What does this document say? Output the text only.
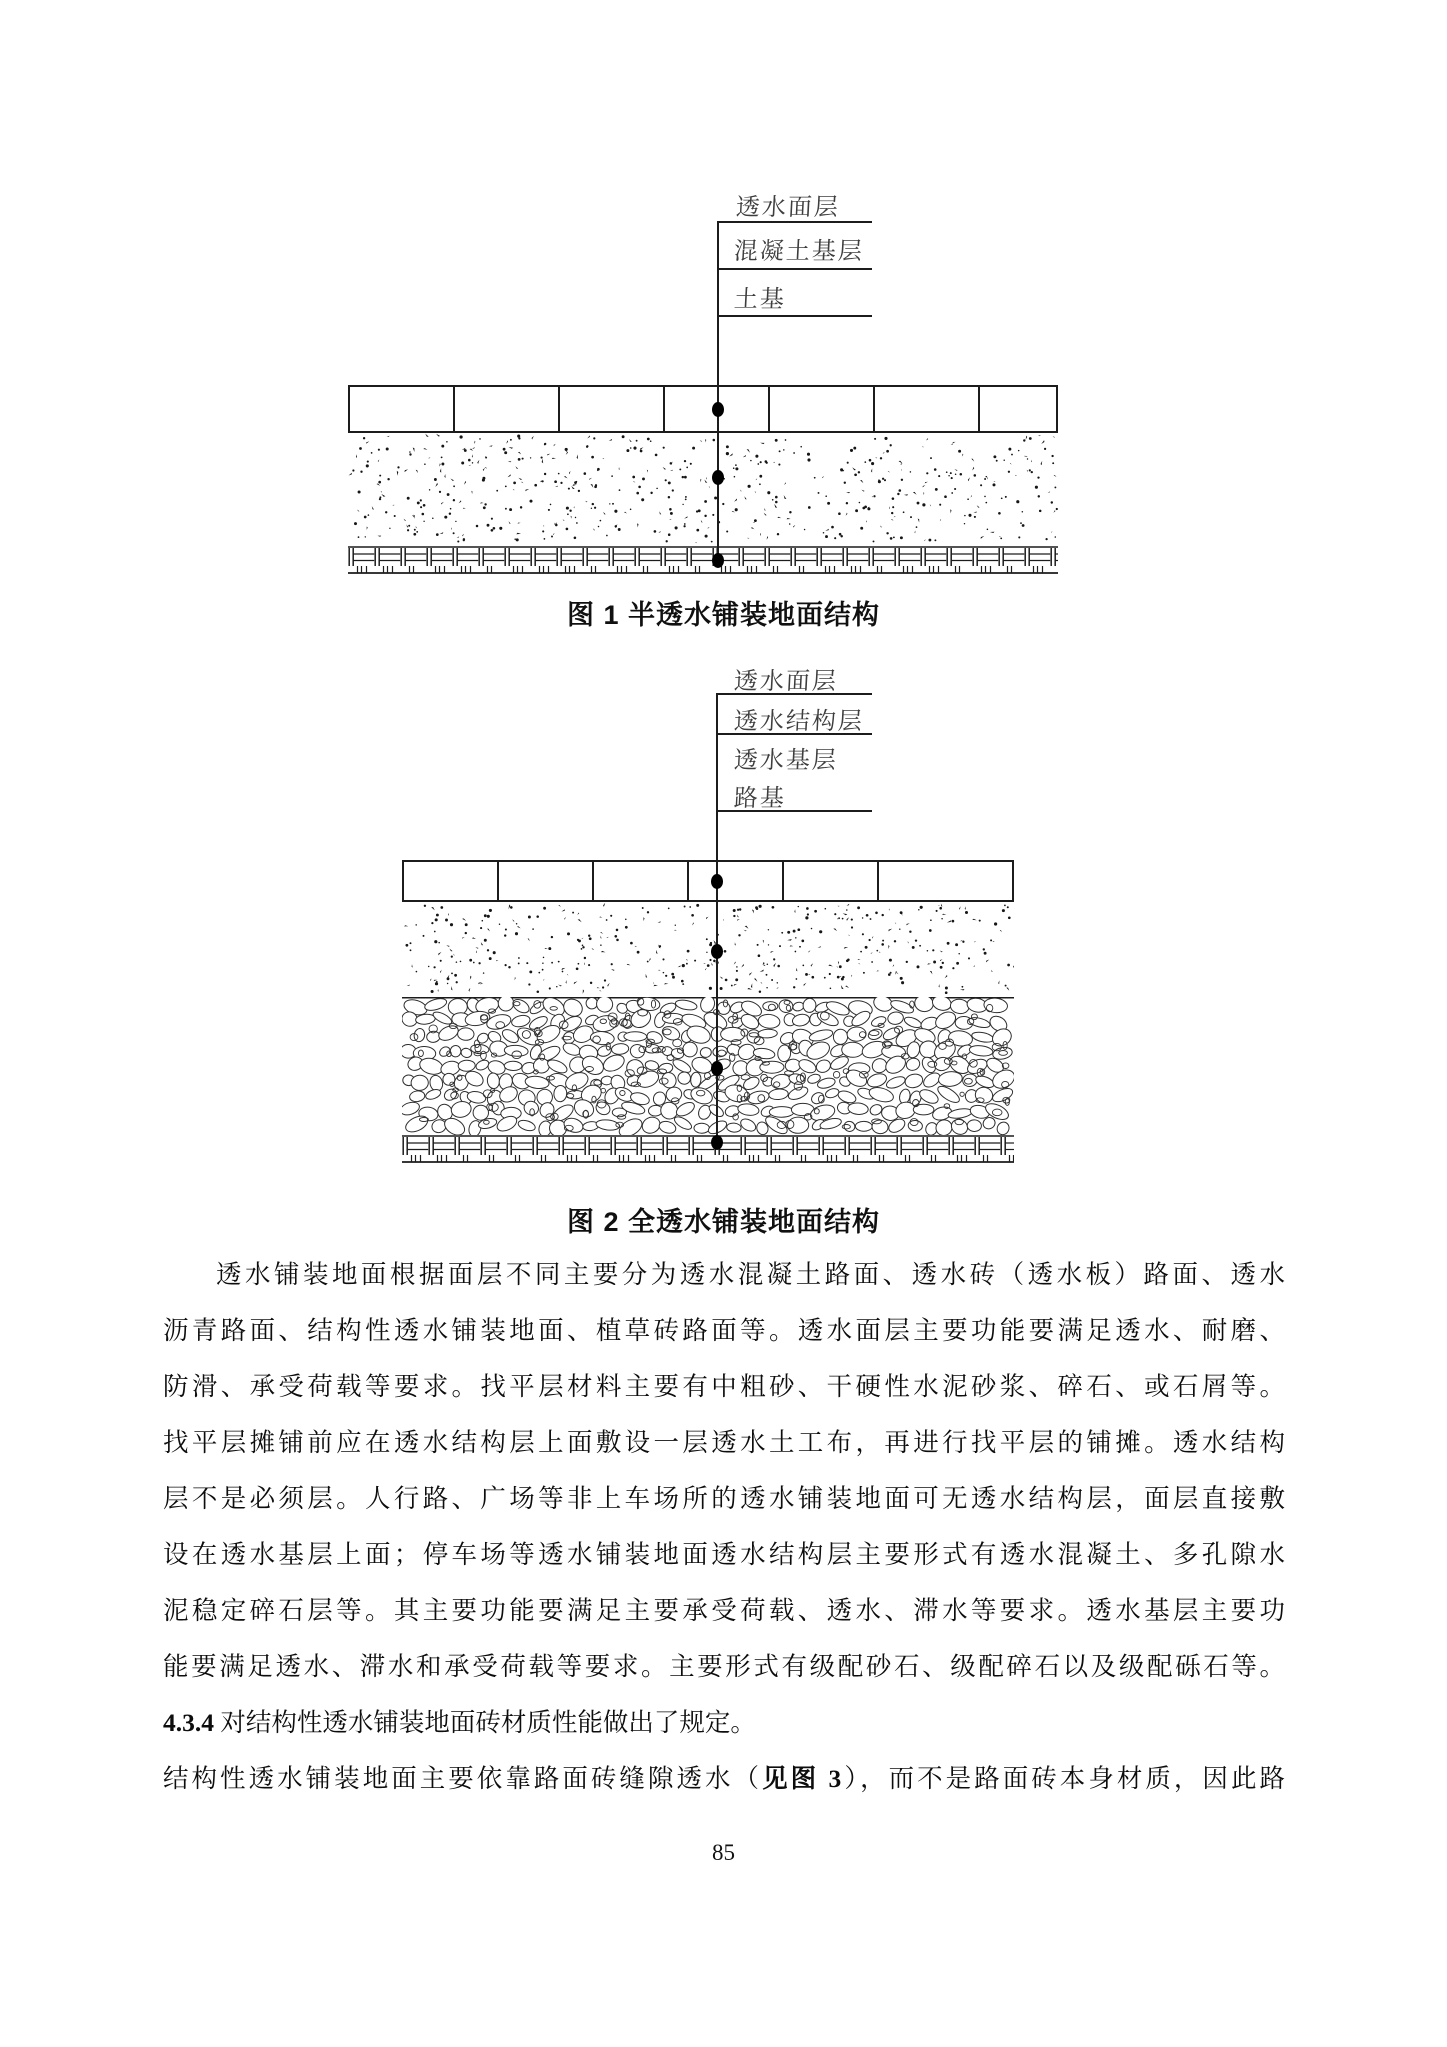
透水面层
混凝土基层
土基
透水面层
透水结构层
透水基层
路基
图 1 半透水铺装地面结构
图 2 全透水铺装地面结构
透水铺装地面根据面层不同主要分为透水混凝土路面、透水砖（透水板）路面、透水
沥青路面、结构性透水铺装地面、植草砖路面等。透水面层主要功能要满足透水、耐磨、
防滑、承受荷载等要求。找平层材料主要有中粗砂、干硬性水泥砂浆、碎石、或石屑等。
找平层摊铺前应在透水结构层上面敷设一层透水土工布，再进行找平层的铺摊。透水结构
层不是必须层。人行路、广场等非上车场所的透水铺装地面可无透水结构层，面层直接敷
设在透水基层上面；停车场等透水铺装地面透水结构层主要形式有透水混凝土、多孔隙水
泥稳定碎石层等。其主要功能要满足主要承受荷载、透水、滞水等要求。透水基层主要功
能要满足透水、滞水和承受荷载等要求。主要形式有级配砂石、级配碎石以及级配砾石等。
4.3.4 对结构性透水铺装地面砖材质性能做出了规定。
结构性透水铺装地面主要依靠路面砖缝隙透水（见图 3），而不是路面砖本身材质，因此路
85
